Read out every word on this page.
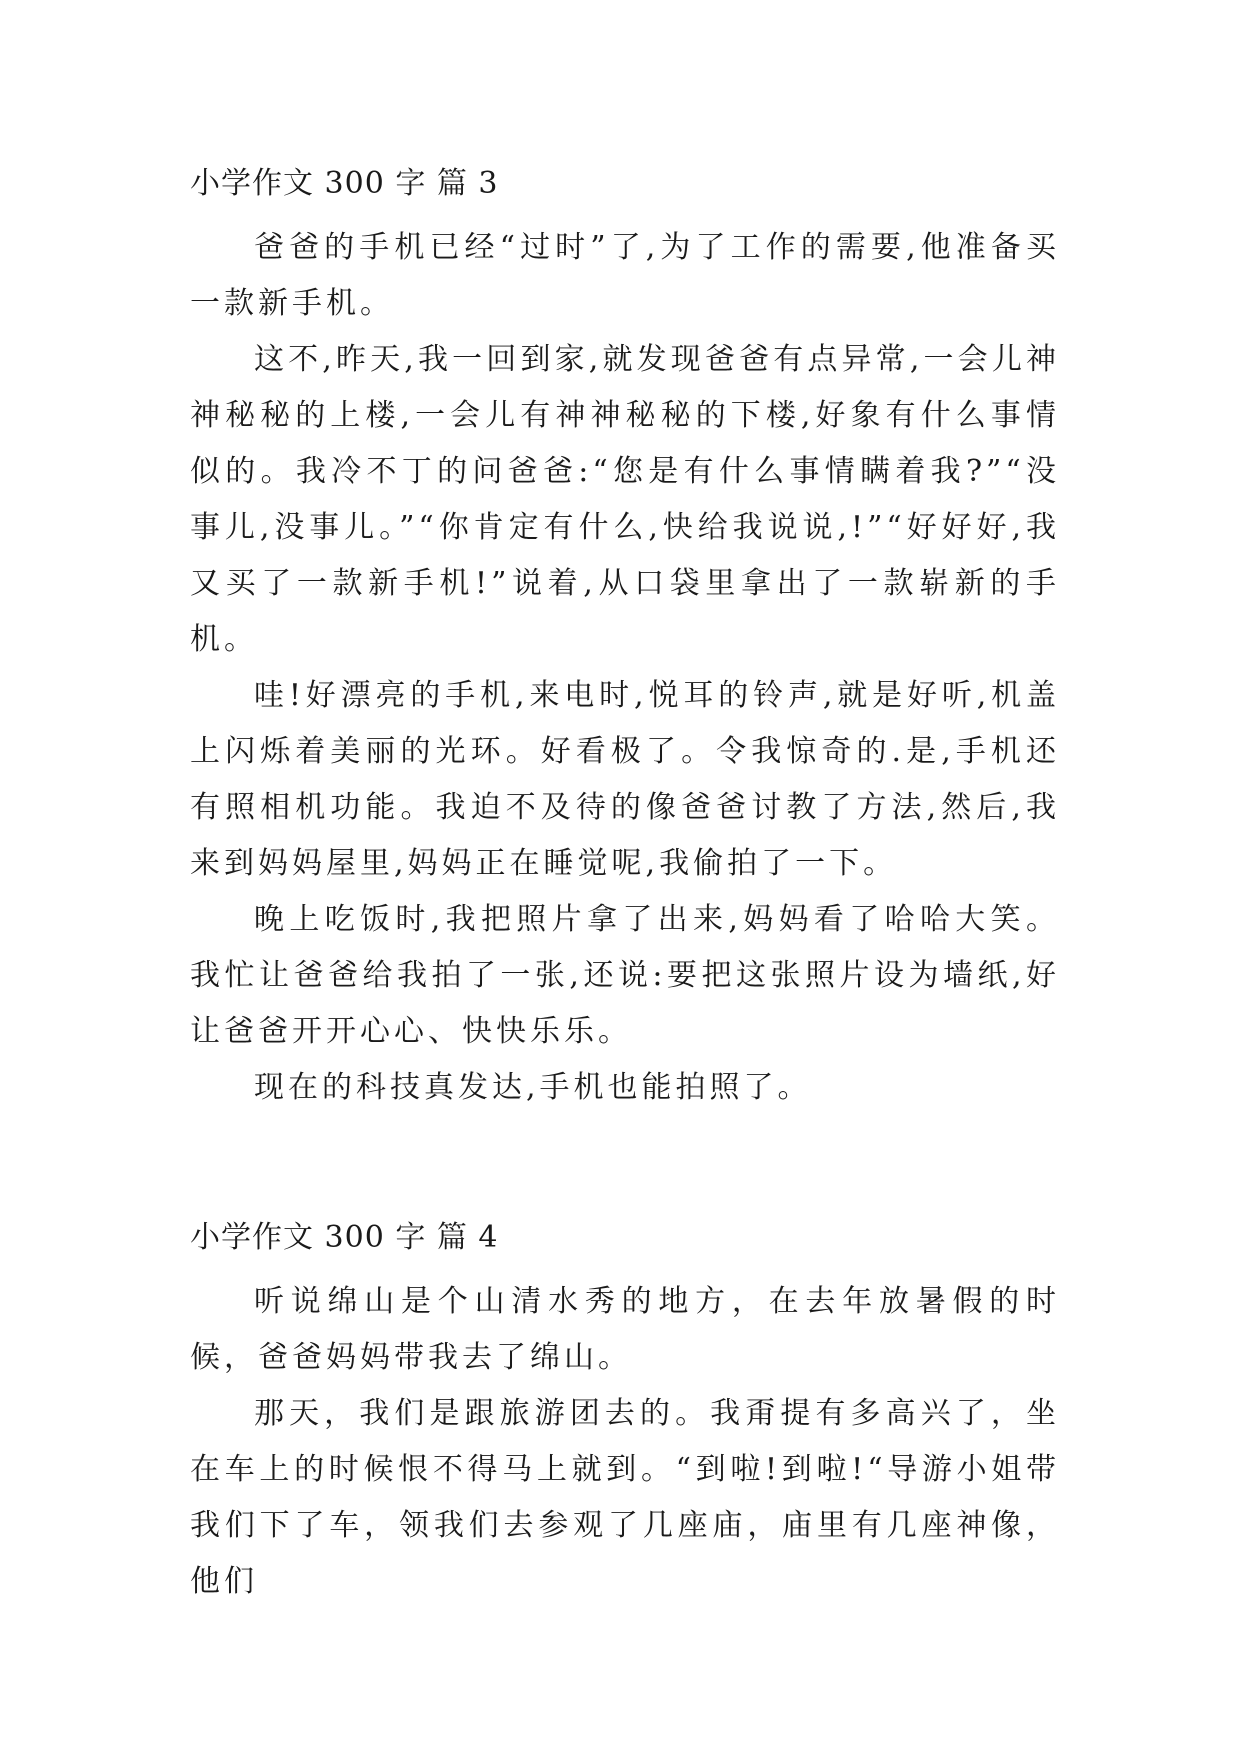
小学作文 300 字 篇 3

爸爸的手机已经“过时”了,为了工作的需要,他准备买一款新手机。

这不,昨天,我一回到家,就发现爸爸有点异常,一会儿神神秘秘的上楼,一会儿有神神秘秘的下楼,好象有什么事情似的。我冷不丁的问爸爸:“您是有什么事情瞒着我?”“没事儿,没事儿。”“你肯定有什么,快给我说说,!”“好好好,我又买了一款新手机!”说着,从口袋里拿出了一款崭新的手机。

哇!好漂亮的手机,来电时,悦耳的铃声,就是好听,机盖上闪烁着美丽的光环。好看极了。令我惊奇的.是,手机还有照相机功能。我迫不及待的像爸爸讨教了方法,然后,我来到妈妈屋里,妈妈正在睡觉呢,我偷拍了一下。

晚上吃饭时,我把照片拿了出来,妈妈看了哈哈大笑。我忙让爸爸给我拍了一张,还说:要把这张照片设为墙纸,好让爸爸开开心心、快快乐乐。

现在的科技真发达,手机也能拍照了。

小学作文 300 字 篇 4

听说绵山是个山清水秀的地方，在去年放暑假的时候，爸爸妈妈带我去了绵山。

那天，我们是跟旅游团去的。我甭提有多高兴了，坐在车上的时候恨不得马上就到。“到啦!到啦!“导游小姐带我们下了车，领我们去参观了几座庙，庙里有几座神像，他们
